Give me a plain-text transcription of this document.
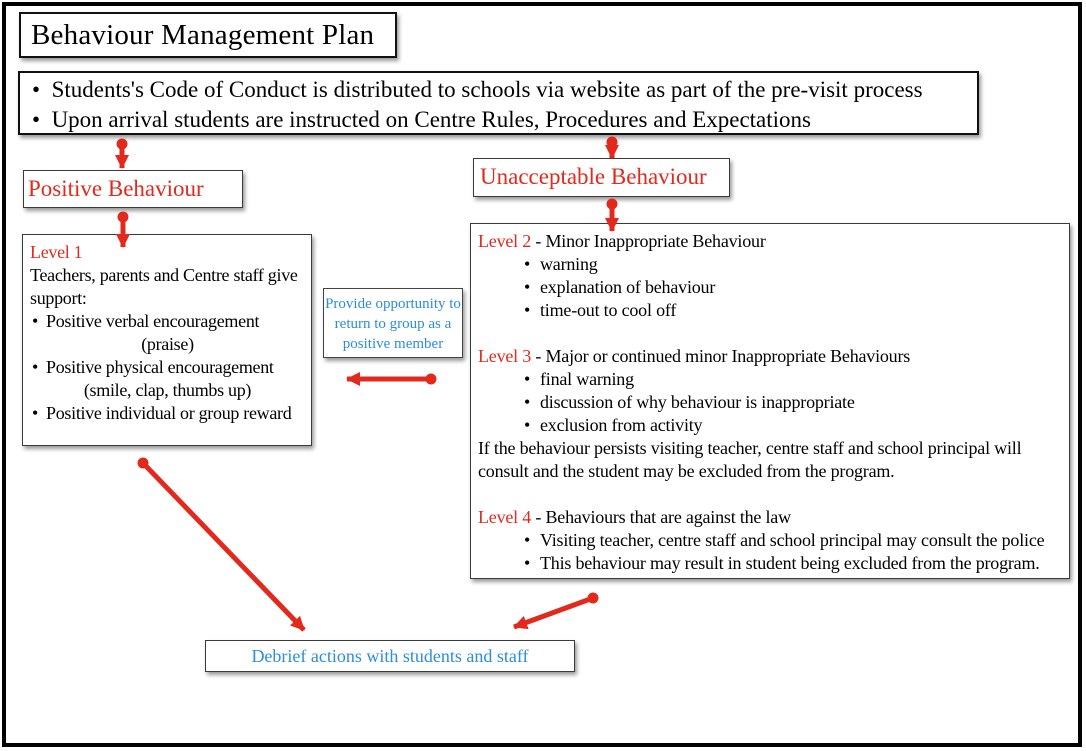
Behaviour Management Plan
•  Students's Code of Conduct is distributed to schools via website as part of the pre-visit process
•  Upon arrival students are instructed on Centre Rules, Procedures and Expectations
Positive Behaviour	Unacceptable Behaviour
Level 1
Teachers, parents and Centre staff give support:
• Positive verbal encouragement
(praise)
• Positive physical encouragement
(smile, clap, thumbs up)
• Positive individual or group reward
Provide opportunity to return to group as a positive member
Level 2 - Minor Inappropriate Behaviour
• warning
• explanation of behaviour
• time-out to cool off
Level 3 - Major or continued minor Inappropriate Behaviours
• final warning
• discussion of why behaviour is inappropriate
• exclusion from activity
If the behaviour persists visiting teacher, centre staff and school principal will consult and the student may be excluded from the program.
Level 4 - Behaviours that are against the law
• Visiting teacher, centre staff and school principal may consult the police
• This behaviour may result in student being excluded from the program.
Debrief actions with students and staff
